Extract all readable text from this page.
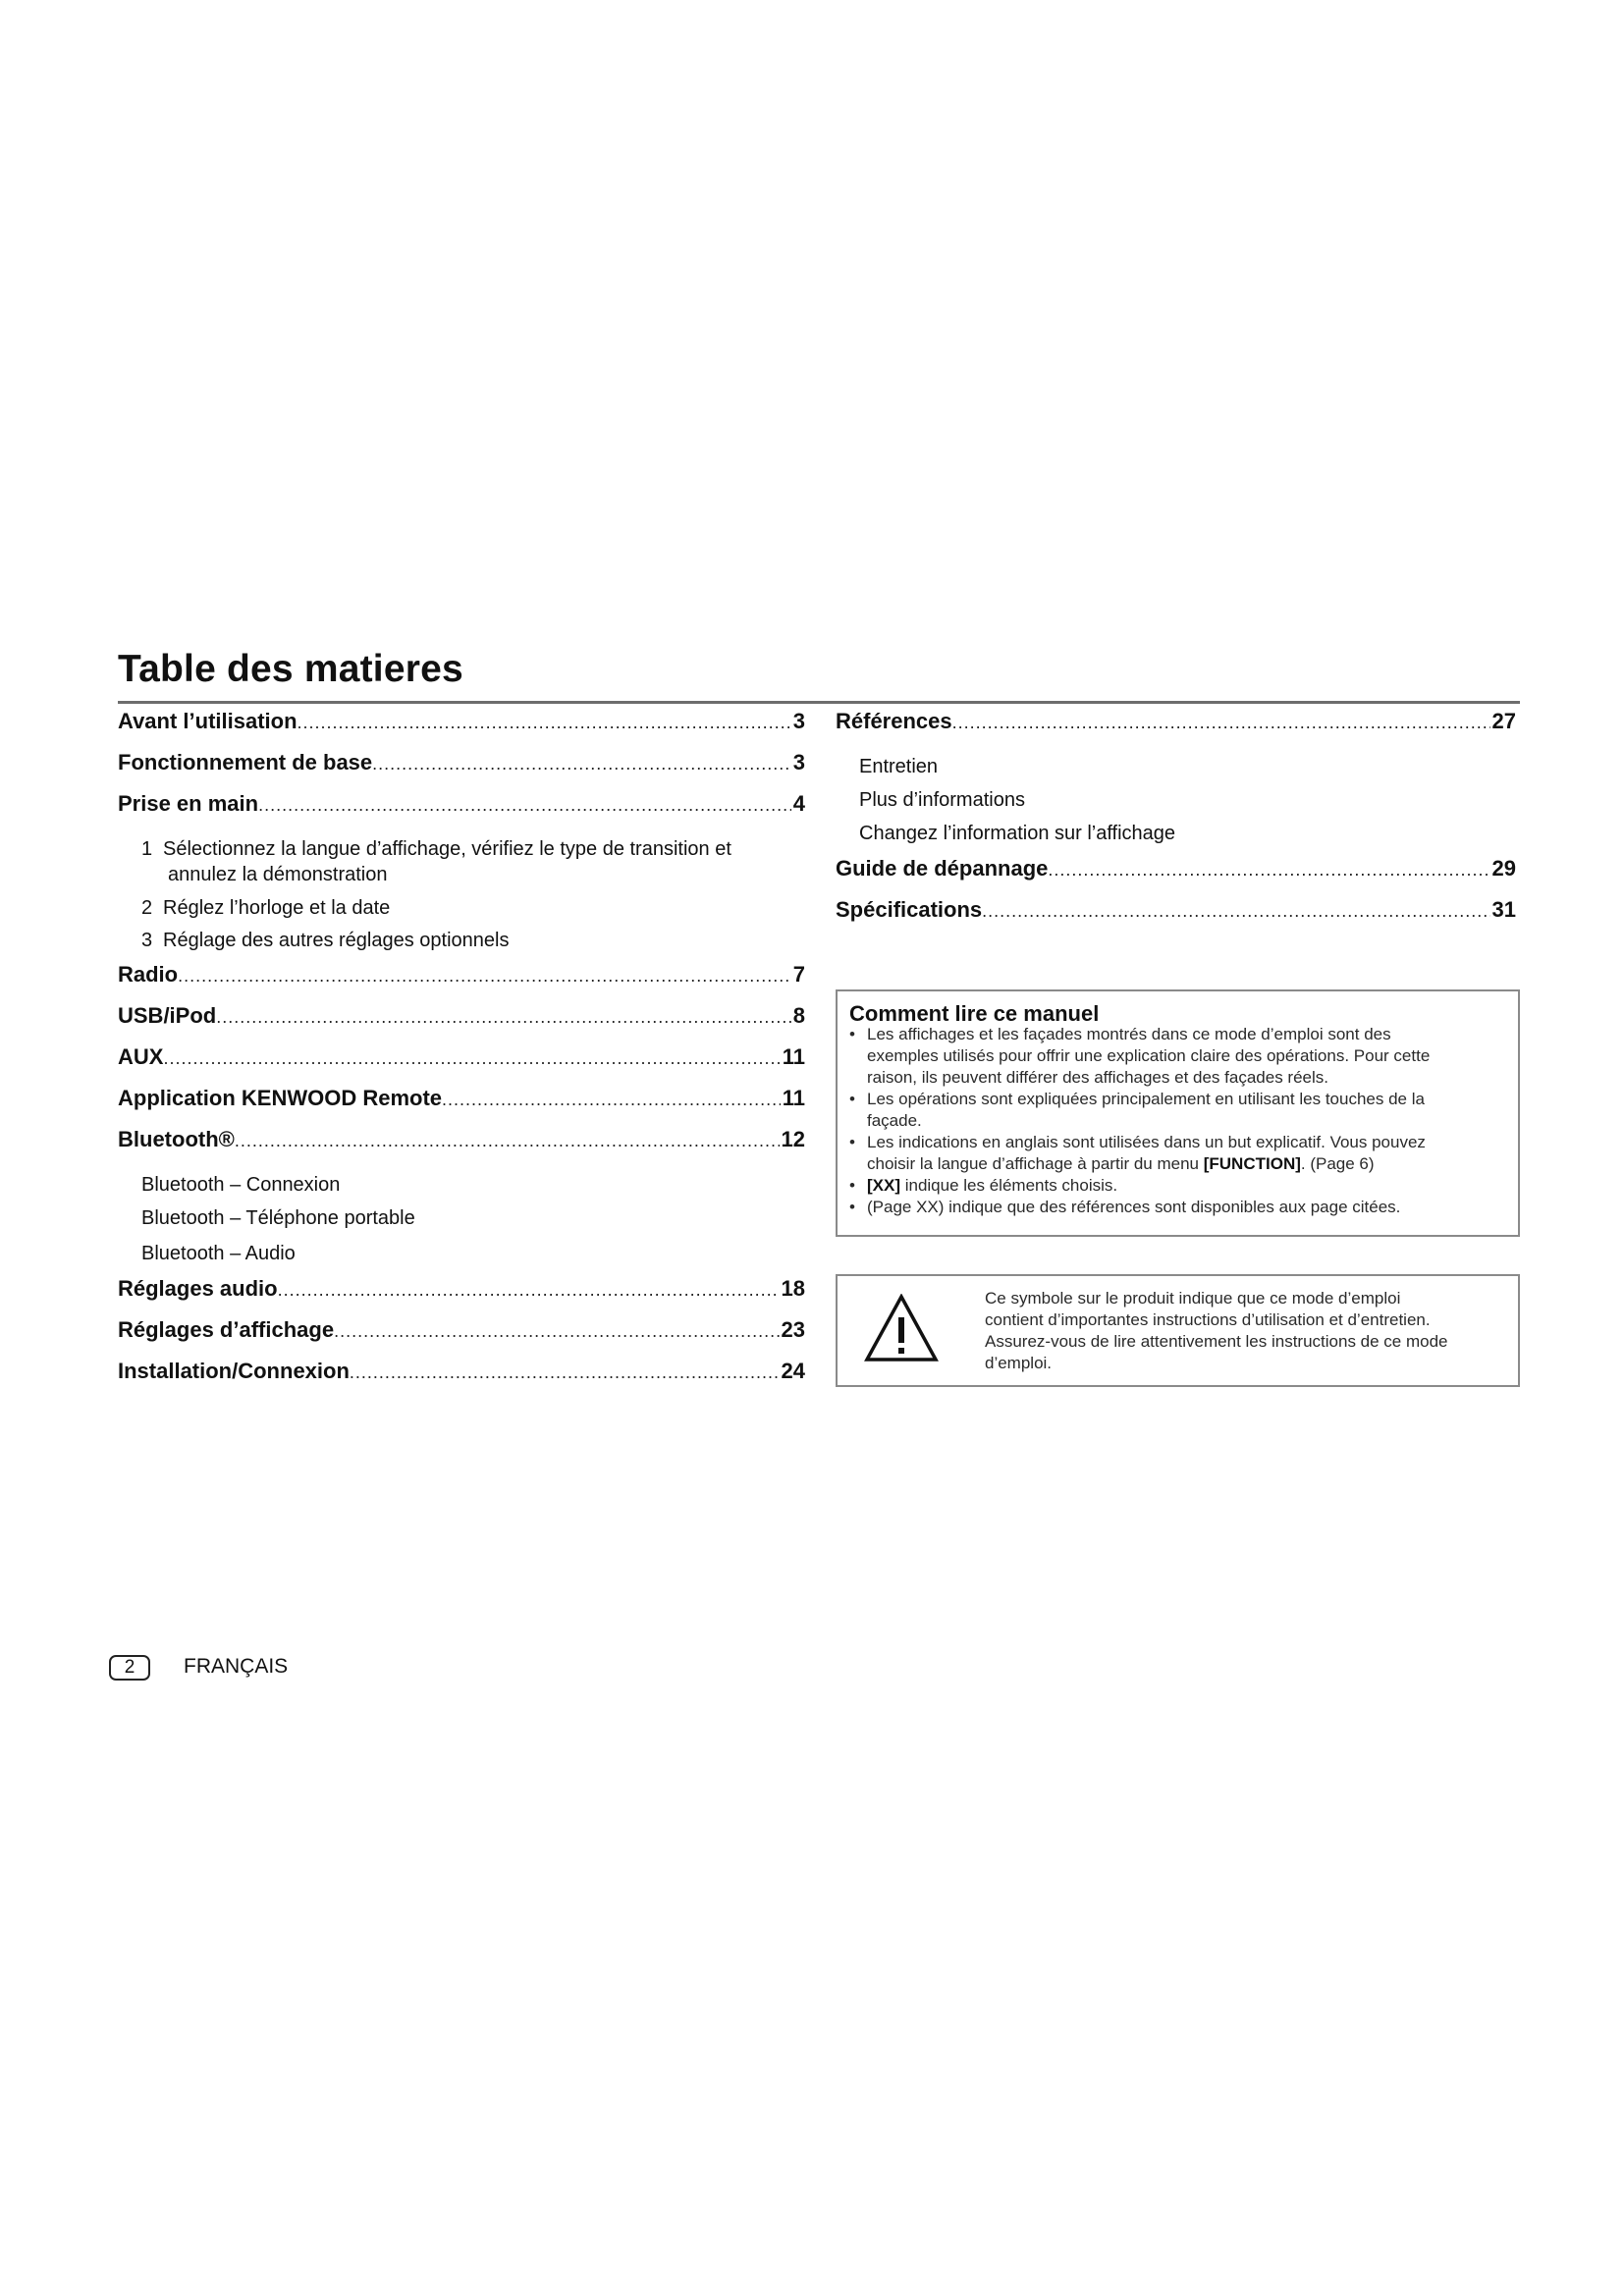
Table des matieres
Avant l’utilisation .....	3
Fonctionnement de base .....	3
Prise en main .....	4
1 Sélectionnez la langue d’affichage, vérifiez le type de transition et
annulez la démonstration
2 Réglez l’horloge et la date
3 Réglage des autres réglages optionnels
Radio .....	7
USB/iPod .....	8
AUX .....	11
Application KENWOOD Remote .....	11
Bluetooth® .....	12
Bluetooth – Connexion
Bluetooth – Téléphone portable
Bluetooth – Audio
Réglages audio .....	18
Réglages d’affichage .....	23
Installation/Connexion .....	24
Références .....	27
Entretien
Plus d’informations
Changez l’information sur l’affichage
Guide de dépannage .....	29
Spécifications .....	31
Comment lire ce manuel
• Les affichages et les façades montrés dans ce mode d’emploi sont des
exemples utilisés pour offrir une explication claire des opérations. Pour cette
raison, ils peuvent différer des affichages et des façades réels.
• Les opérations sont expliquées principalement en utilisant les touches de la
façade.
• Les indications en anglais sont utilisées dans un but explicatif. Vous pouvez
choisir la langue d’affichage à partir du menu [FUNCTION]. (Page 6)
• [XX] indique les éléments choisis.
• (Page XX) indique que des références sont disponibles aux page citées.
Ce symbole sur le produit indique que ce mode d’emploi
contient d’importantes instructions d’utilisation et d’entretien.
Assurez-vous de lire attentivement les instructions de ce mode
d’emploi.
2	FRANÇAIS
